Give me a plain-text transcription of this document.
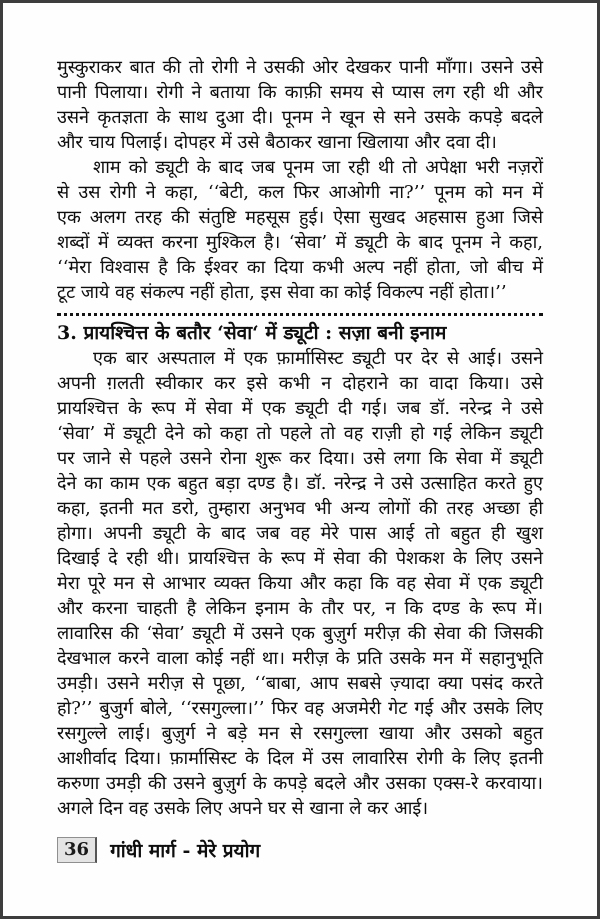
मुस्कुराकर बात की तो रोगी ने उसकी ओर देखकर पानी माँगा। उसने उसे
पानी पिलाया। रोगी ने बताया कि काफ़ी समय से प्यास लग रही थी और
उसने कृतज्ञता के साथ दुआ दी। पूनम ने खून से सने उसके कपड़े बदले
और चाय पिलाई। दोपहर में उसे बैठाकर खाना खिलाया और दवा दी।
शाम को ड्यूटी के बाद जब पूनम जा रही थी तो अपेक्षा भरी नज़रों
से उस रोगी ने कहा, ‘‘बेटी, कल फिर आओगी ना?’’ पूनम को मन में
एक अलग तरह की संतुष्टि महसूस हुई। ऐसा सुखद अहसास हुआ जिसे
शब्दों में व्यक्त करना मुश्किल है। ‘सेवा’ में ड्यूटी के बाद पूनम ने कहा,
‘‘मेरा विश्वास है कि ईश्वर का दिया कभी अल्प नहीं होता, जो बीच में
टूट जाये वह संकल्प नहीं होता, इस सेवा का कोई विकल्प नहीं होता।’’
3. प्रायश्चित्त के बतौर ‘सेवा‘ में ड्यूटी : सज़ा बनी इनाम
एक बार अस्पताल में एक फ़ार्मासिस्ट ड्यूटी पर देर से आई। उसने
अपनी ग़लती स्वीकार कर इसे कभी न दोहराने का वादा किया। उसे
प्रायश्चित्त के रूप में सेवा में एक ड्यूटी दी गई। जब डॉ. नरेन्द्र ने उसे
‘सेवा’ में ड्यूटी देने को कहा तो पहले तो वह राज़ी हो गई लेकिन ड्यूटी
पर जाने से पहले उसने रोना शुरू कर दिया। उसे लगा कि सेवा में ड्यूटी
देने का काम एक बहुत बड़ा दण्ड है। डॉ. नरेन्द्र ने उसे उत्साहित करते हुए
कहा, इतनी मत डरो, तुम्हारा अनुभव भी अन्य लोगों की तरह अच्छा ही
होगा। अपनी ड्यूटी के बाद जब वह मेरे पास आई तो बहुत ही खुश
दिखाई दे रही थी। प्रायश्चित्त के रूप में सेवा की पेशकश के लिए उसने
मेरा पूरे मन से आभार व्यक्त किया और कहा कि वह सेवा में एक ड्यूटी
और करना चाहती है लेकिन इनाम के तौर पर, न कि दण्ड के रूप में।
लावारिस की ‘सेवा’ ड्यूटी में उसने एक बुज़ुर्ग मरीज़ की सेवा की जिसकी
देखभाल करने वाला कोई नहीं था। मरीज़ के प्रति उसके मन में सहानुभूति
उमड़ी। उसने मरीज़ से पूछा, ‘‘बाबा, आप सबसे ज़्यादा क्या पसंद करते
हो?’’ बुजुर्ग बोले, ‘‘रसगुल्ला।’’ फिर वह अजमेरी गेट गई और उसके लिए
रसगुल्ले लाई। बुज़ुर्ग ने बड़े मन से रसगुल्ला खाया और उसको बहुत
आशीर्वाद दिया। फ़ार्मासिस्ट के दिल में उस लावारिस रोगी के लिए इतनी
करुणा उमड़ी की उसने बुज़ुर्ग के कपड़े बदले और उसका एक्स-रे करवाया।
अगले दिन वह उसके लिए अपने घर से खाना ले कर आई।
36	गांधी मार्ग - मेरे प्रयोग
